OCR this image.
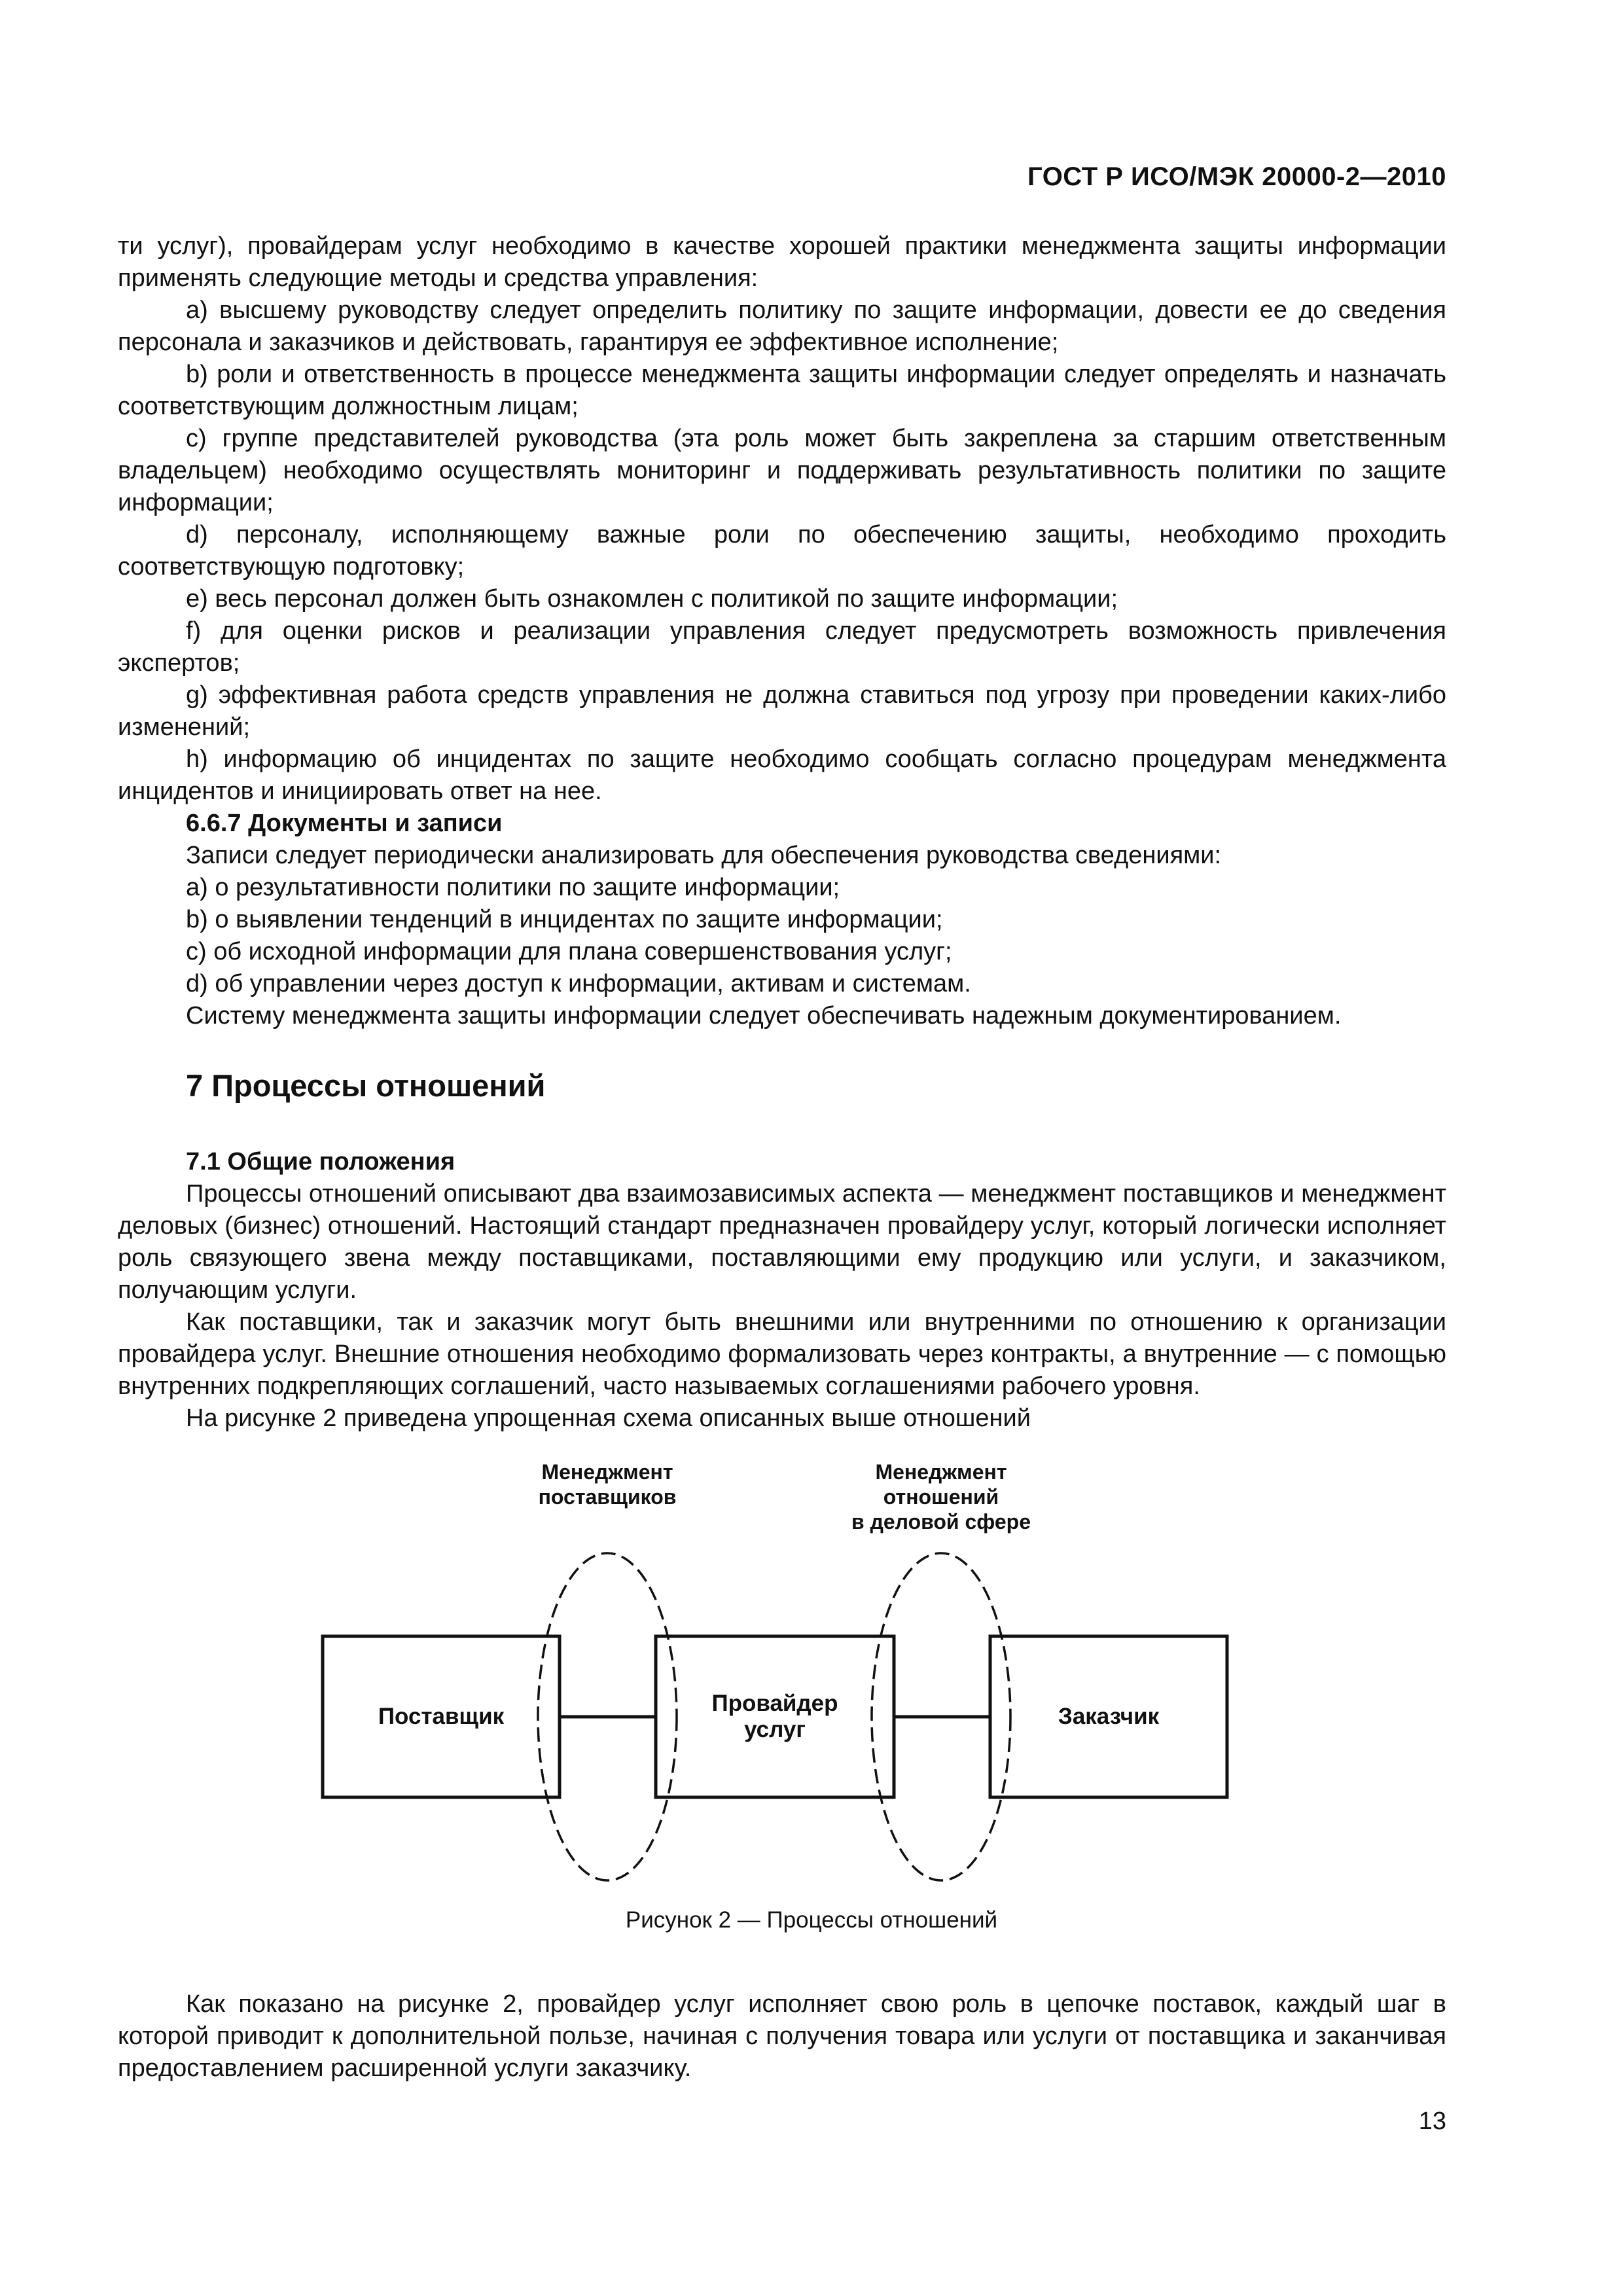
ГОСТ Р ИСО/МЭК 20000-2—2010

ти услуг), провайдерам услуг необходимо в качестве хорошей практики менеджмента защиты информации применять следующие методы и средства управления:

a) высшему руководству следует определить политику по защите информации, довести ее до сведения персонала и заказчиков и действовать, гарантируя ее эффективное исполнение;

b) роли и ответственность в процессе менеджмента защиты информации следует определять и назначать соответствующим должностным лицам;

c) группе представителей руководства (эта роль может быть закреплена за старшим ответственным владельцем) необходимо осуществлять мониторинг и поддерживать результативность политики по защите информации;

d) персоналу, исполняющему важные роли по обеспечению защиты, необходимо проходить соответствующую подготовку;

e) весь персонал должен быть ознакомлен с политикой по защите информации;

f) для оценки рисков и реализации управления следует предусмотреть возможность привлечения экспертов;

g) эффективная работа средств управления не должна ставиться под угрозу при проведении каких-либо изменений;

h) информацию об инцидентах по защите необходимо сообщать согласно процедурам менеджмента инцидентов и инициировать ответ на нее.

6.6.7 Документы и записи

Записи следует периодически анализировать для обеспечения руководства сведениями:

a) о результативности политики по защите информации;

b) о выявлении тенденций в инцидентах по защите информации;

c) об исходной информации для плана совершенствования услуг;

d) об управлении через доступ к информации, активам и системам.

Систему менеджмента защиты информации следует обеспечивать надежным документированием.

7 Процессы отношений
7.1 Общие положения

Процессы отношений описывают два взаимозависимых аспекта — менеджмент поставщиков и менеджмент деловых (бизнес) отношений. Настоящий стандарт предназначен провайдеру услуг, который логически исполняет роль связующего звена между поставщиками, поставляющими ему продукцию или услуги, и заказчиком, получающим услуги.

Как поставщики, так и заказчик могут быть внешними или внутренними по отношению к организации провайдера услуг. Внешние отношения необходимо формализовать через контракты, а внутренние — с помощью внутренних подкрепляющих соглашений, часто называемых соглашениями рабочего уровня.

На рисунке 2 приведена упрощенная схема описанных выше отношений

Менеджмент
поставщиков
Менеджмент
отношений
в деловой сфере
Поставщик
Провайдер
услуг
Заказчик
Рисунок 2 — Процессы отношений

Как показано на рисунке 2, провайдер услуг исполняет свою роль в цепочке поставок, каждый шаг в которой приводит к дополнительной пользе, начиная с получения товара или услуги от поставщика и заканчивая предоставлением расширенной услуги заказчику.

13
